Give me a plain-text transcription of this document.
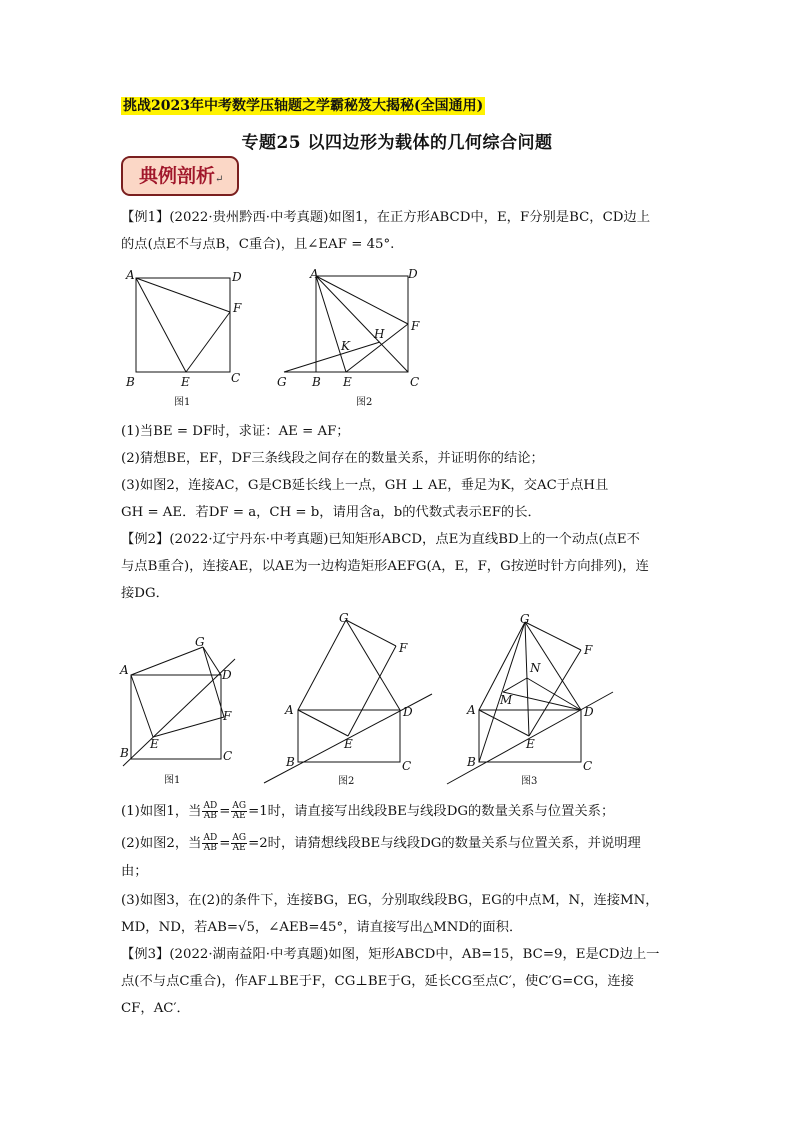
挑战2023年中考数学压轴题之学霸秘笈大揭秘(全国通用)
专题25 以四边形为载体的几何综合问题
典例剖析↵
【例1】(2022·贵州黔西·中考真题)如图1，在正方形ABCD中，E，F分别是BC，CD边上
的点(点E不与点B，C重合)，且∠EAF = 45°.
A	D
F
B	E	C
图1
A	D
F
H
K
G B E	C
图2
(1)当BE = DF时，求证：AE = AF；
(2)猜想BE，EF，DF三条线段之间存在的数量关系，并证明你的结论；
(3)如图2，连接AC，G是CB延长线上一点，GH ⊥ AE，垂足为K，交AC于点H且
GH = AE．若DF = a，CH = b，请用含a，b的代数式表示EF的长．
【例2】(2022·辽宁丹东·中考真题)已知矩形ABCD，点E为直线BD上的一个动点(点E不
与点B重合)，连接AE，以AE为一边构造矩形AEFG(A，E，F，G按逆时针方向排列)，连
接DG．
A
G
D
F
E
B	C
图1
G
F
A	D
E
B	C
图2
G
F
N
M
A	D
E
B	C
图3
(1)如图1，当 $\frac{AD}{AB} = \frac{AG}{AE} =1$时，请直接写出线段BE与线段DG的数量关系与位置关系；
(2)如图2，当 $\frac{AD}{AB} = \frac{AG}{AE} =2$时，请猜想线段BE与线段DG的数量关系与位置关系，并说明理
由；
(3)如图3，在(2)的条件下，连接BG，EG，分别取线段BG，EG的中点M，N，连接MN，
MD，ND，若AB=√5，∠AEB=45°，请直接写出△MND的面积．
【例3】(2022·湖南益阳·中考真题)如图，矩形ABCD中，AB=15，BC=9，E是CD边上一
点(不与点C重合)，作AF⊥BE于F，CG⊥BE于G，延长CG至点C′，使C′G=CG，连接
CF，AC′．
